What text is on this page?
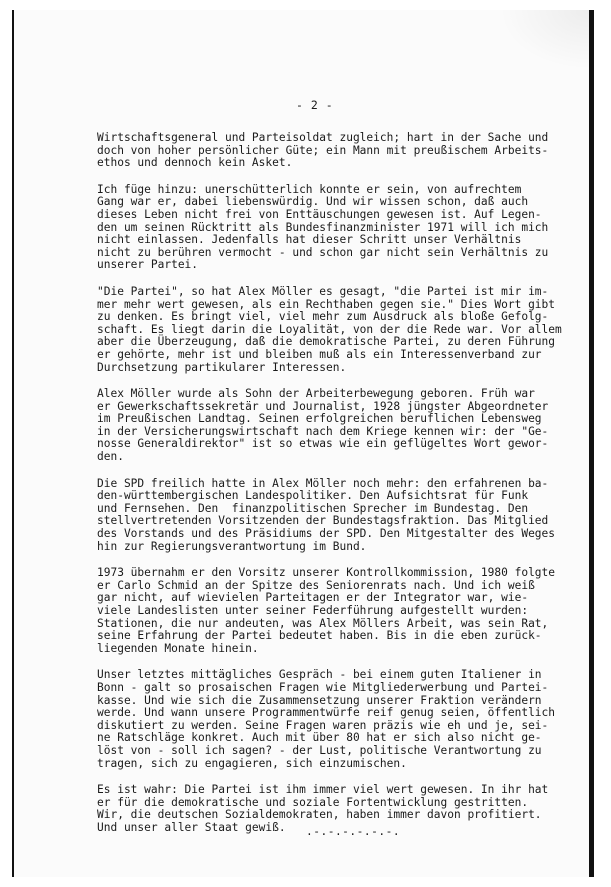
- 2 -
Wirtschaftsgeneral und Parteisoldat zugleich; hart in der Sache und
doch von hoher persönlicher Güte; ein Mann mit preußischem Arbeits-
ethos und dennoch kein Asket.
Ich füge hinzu: unerschütterlich konnte er sein, von aufrechtem
Gang war er, dabei liebenswürdig. Und wir wissen schon, daß auch
dieses Leben nicht frei von Enttäuschungen gewesen ist. Auf Legen-
den um seinen Rücktritt als Bundesfinanzminister 1971 will ich mich
nicht einlassen. Jedenfalls hat dieser Schritt unser Verhältnis
nicht zu berühren vermocht - und schon gar nicht sein Verhältnis zu
unserer Partei.
"Die Partei", so hat Alex Möller es gesagt, "die Partei ist mir im-
mer mehr wert gewesen, als ein Rechthaben gegen sie." Dies Wort gibt
zu denken. Es bringt viel, viel mehr zum Ausdruck als bloße Gefolg-
schaft. Es liegt darin die Loyalität, von der die Rede war. Vor allem
aber die Überzeugung, daß die demokratische Partei, zu deren Führung
er gehörte, mehr ist und bleiben muß als ein Interessenverband zur
Durchsetzung partikularer Interessen.
Alex Möller wurde als Sohn der Arbeiterbewegung geboren. Früh war
er Gewerkschaftssekretär und Journalist, 1928 jüngster Abgeordneter
im Preußischen Landtag. Seinen erfolgreichen beruflichen Lebensweg
in der Versicherungswirtschaft nach dem Kriege kennen wir: der "Ge-
nosse Generaldirektor" ist so etwas wie ein geflügeltes Wort gewor-
den.
Die SPD freilich hatte in Alex Möller noch mehr: den erfahrenen ba-
den-württembergischen Landespolitiker. Den Aufsichtsrat für Funk
und Fernsehen. Den  finanzpolitischen Sprecher im Bundestag. Den
stellvertretenden Vorsitzenden der Bundestagsfraktion. Das Mitglied
des Vorstands und des Präsidiums der SPD. Den Mitgestalter des Weges
hin zur Regierungsverantwortung im Bund.
1973 übernahm er den Vorsitz unserer Kontrollkommission, 1980 folgte
er Carlo Schmid an der Spitze des Seniorenrats nach. Und ich weiß
gar nicht, auf wievielen Parteitagen er der Integrator war, wie-
viele Landeslisten unter seiner Federführung aufgestellt wurden:
Stationen, die nur andeuten, was Alex Möllers Arbeit, was sein Rat,
seine Erfahrung der Partei bedeutet haben. Bis in die eben zurück-
liegenden Monate hinein.
Unser letztes mittägliches Gespräch - bei einem guten Italiener in
Bonn - galt so prosaischen Fragen wie Mitgliederwerbung und Partei-
kasse. Und wie sich die Zusammensetzung unserer Fraktion verändern
werde. Und wann unsere Programmentwürfe reif genug seien, öffentlich
diskutiert zu werden. Seine Fragen waren präzis wie eh und je, sei-
ne Ratschläge konkret. Auch mit über 80 hat er sich also nicht ge-
löst von - soll ich sagen? - der Lust, politische Verantwortung zu
tragen, sich zu engagieren, sich einzumischen.
Es ist wahr: Die Partei ist ihm immer viel wert gewesen. In ihr hat
er für die demokratische und soziale Fortentwicklung gestritten.
Wir, die deutschen Sozialdemokraten, haben immer davon profitiert.
Und unser aller Staat gewiß.	.-.-.-.-.-.-.
